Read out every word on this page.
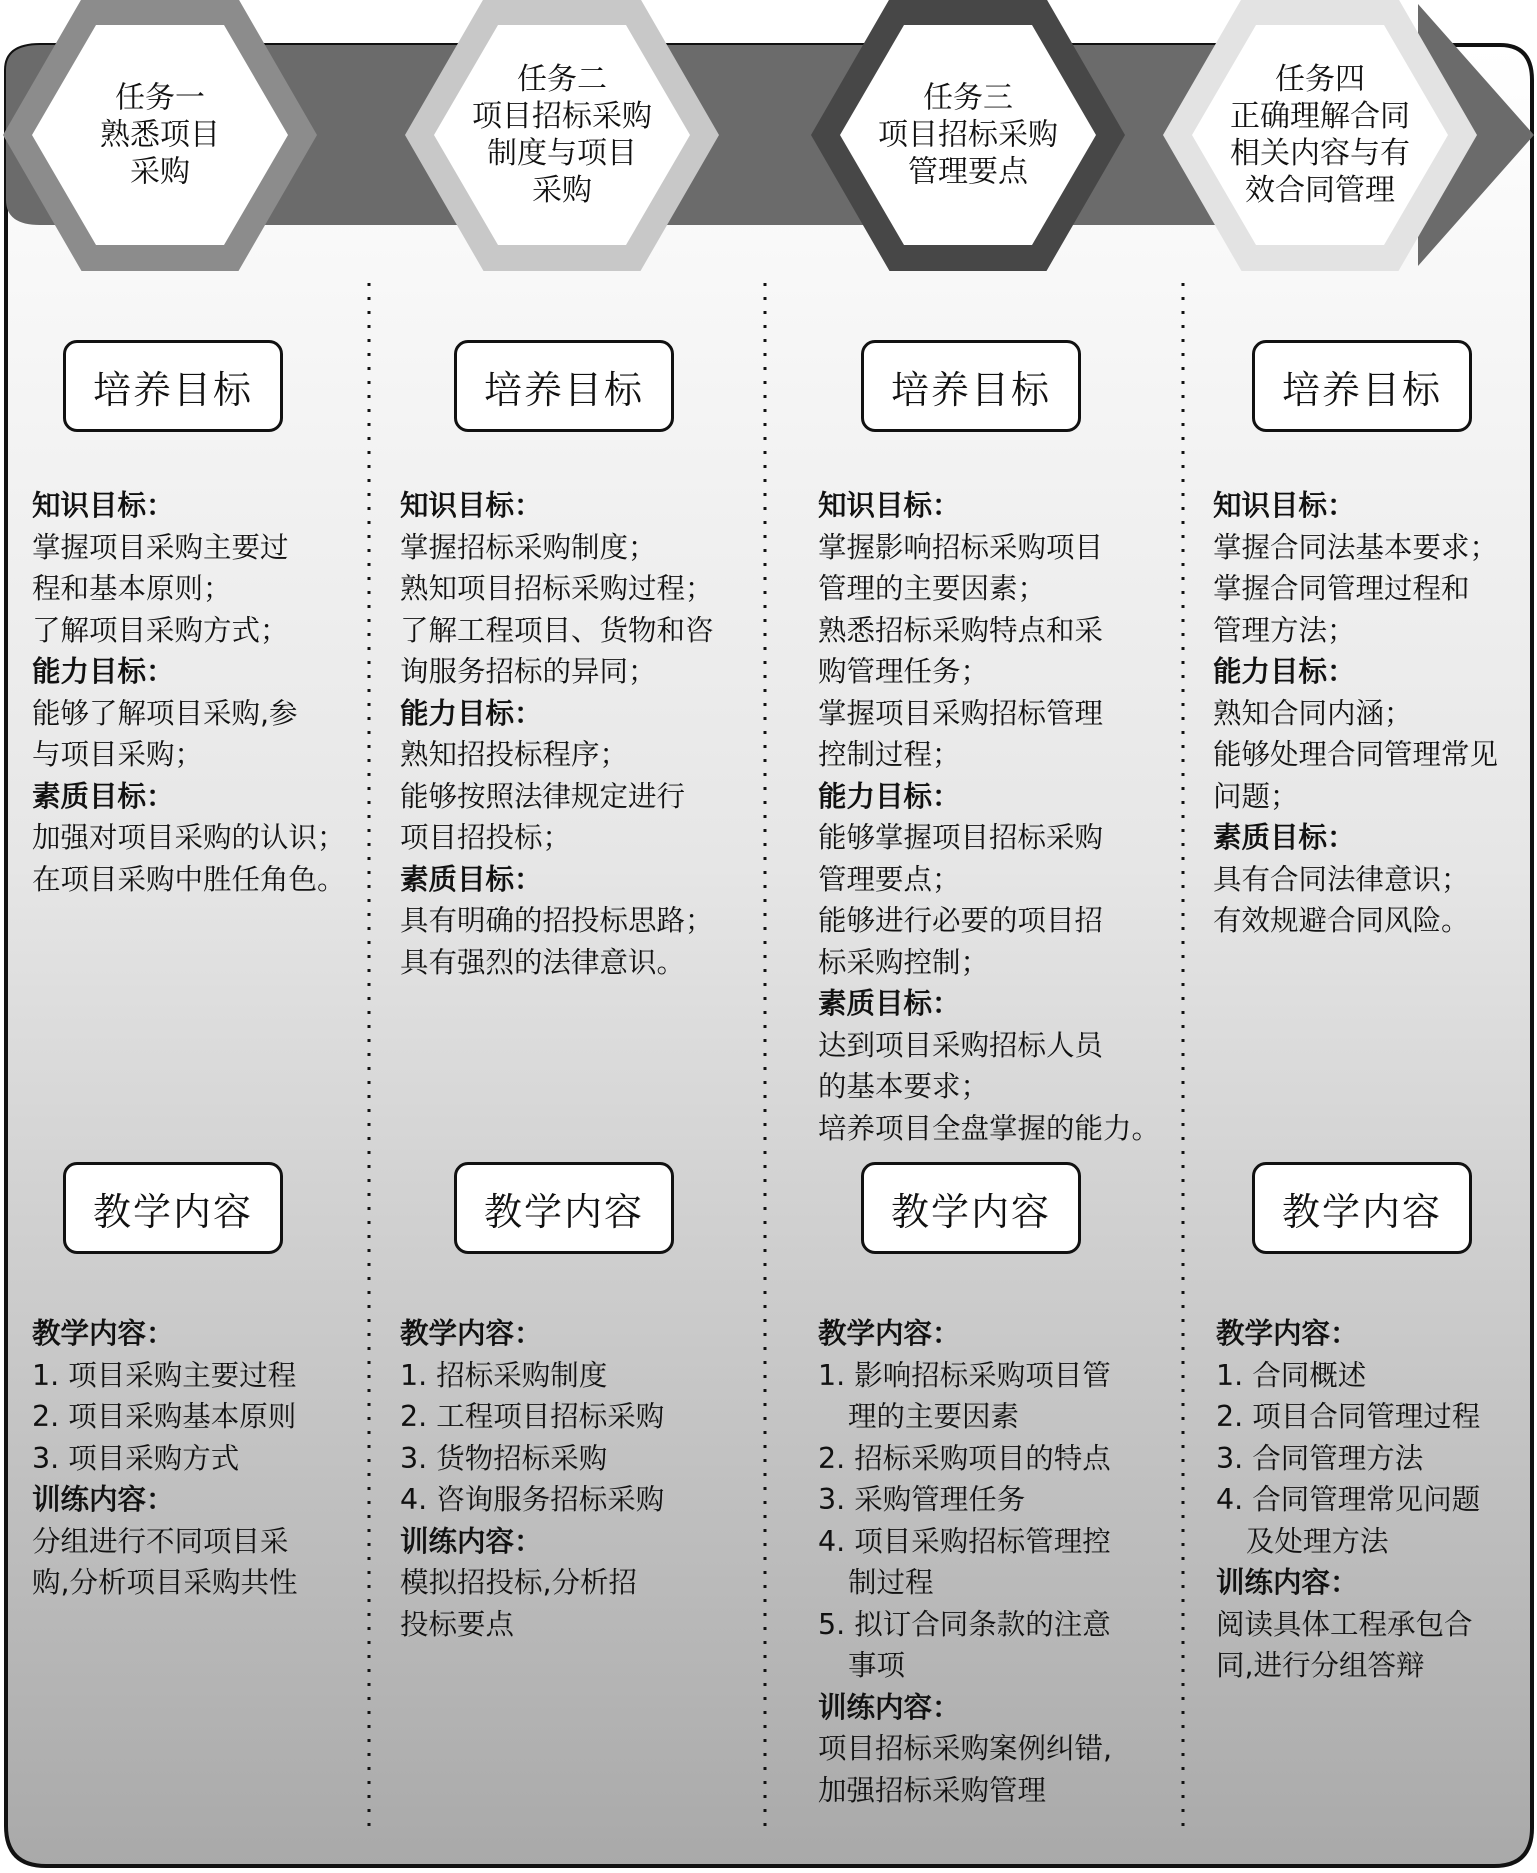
任务一
熟悉项目
采购
培养目标
教学内容
知识目标：
掌握项目采购主要过
程和基本原则；
了解项目采购方式；
能力目标：
能够了解项目采购,参
与项目采购；
素质目标：
加强对项目采购的认识；
在项目采购中胜任角色。
教学内容：
1. 项目采购主要过程
2. 项目采购基本原则
3. 项目采购方式
训练内容：
分组进行不同项目采
购,分析项目采购共性
任务二
项目招标采购
制度与项目
采购
培养目标
教学内容
知识目标：
掌握招标采购制度；
熟知项目招标采购过程；
了解工程项目、货物和咨
询服务招标的异同；
能力目标：
熟知招投标程序；
能够按照法律规定进行
项目招投标；
素质目标：
具有明确的招投标思路；
具有强烈的法律意识。
教学内容：
1. 招标采购制度
2. 工程项目招标采购
3. 货物招标采购
4. 咨询服务招标采购
训练内容：
模拟招投标,分析招
投标要点
任务三
项目招标采购
管理要点
培养目标
教学内容
知识目标：
掌握影响招标采购项目
管理的主要因素；
熟悉招标采购特点和采
购管理任务；
掌握项目采购招标管理
控制过程；
能力目标：
能够掌握项目招标采购
管理要点；
能够进行必要的项目招
标采购控制；
素质目标：
达到项目采购招标人员
的基本要求；
培养项目全盘掌握的能力。
教学内容：
1. 影响招标采购项目管
理的主要因素
2. 招标采购项目的特点
3. 采购管理任务
4. 项目采购招标管理控
制过程
5. 拟订合同条款的注意
事项
训练内容：
项目招标采购案例纠错,
加强招标采购管理
任务四
正确理解合同
相关内容与有
效合同管理
培养目标
教学内容
知识目标：
掌握合同法基本要求；
掌握合同管理过程和
管理方法；
能力目标：
熟知合同内涵；
能够处理合同管理常见
问题；
素质目标：
具有合同法律意识；
有效规避合同风险。
教学内容：
1. 合同概述
2. 项目合同管理过程
3. 合同管理方法
4. 合同管理常见问题
及处理方法
训练内容：
阅读具体工程承包合
同,进行分组答辩
